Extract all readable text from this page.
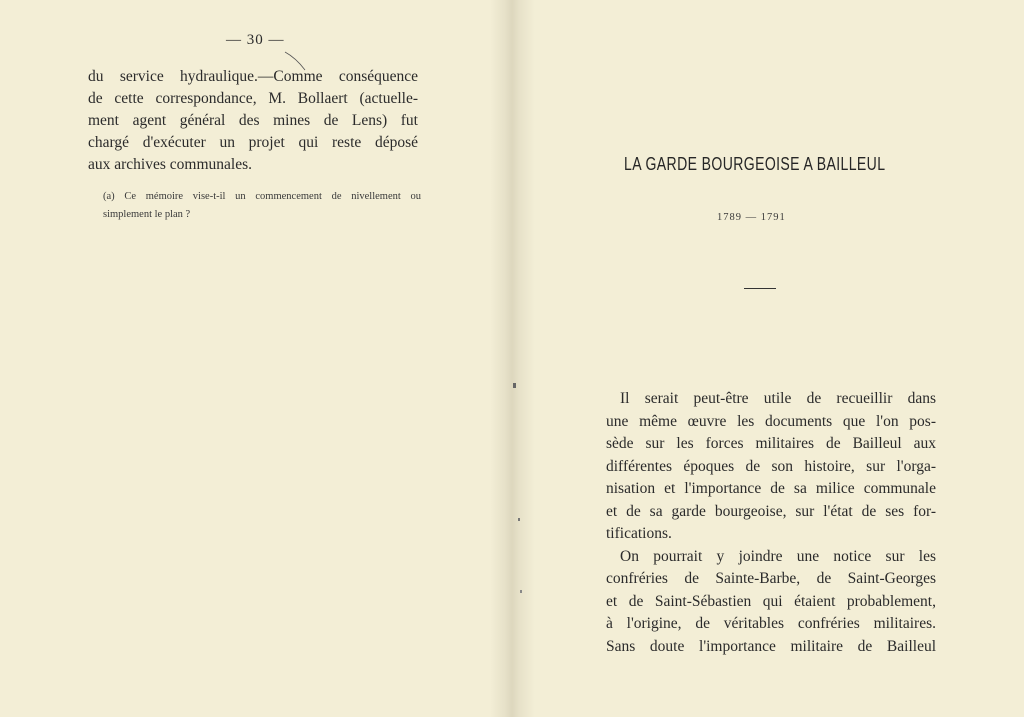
— 30 —
du service hydraulique.—Comme conséquence
de cette correspondance, M. Bollaert (actuelle-
ment agent général des mines de Lens) fut
chargé d'exécuter un projet qui reste déposé
aux archives communales.
(a) Ce mémoire vise-t-il un commencement de nivellement ou
simplement le plan ?
LA GARDE BOURGEOISE A BAILLEUL
1789 — 1791
Il serait peut-être utile de recueillir dans
une même œuvre les documents que l'on pos-
sède sur les forces militaires de Bailleul aux
différentes époques de son histoire, sur l'orga-
nisation et l'importance de sa milice communale
et de sa garde bourgeoise, sur l'état de ses for-
tifications.
On pourrait y joindre une notice sur les
confréries de Sainte-Barbe, de Saint-Georges
et de Saint-Sébastien qui étaient probablement,
à l'origine, de véritables confréries militaires.
Sans doute l'importance militaire de Bailleul
